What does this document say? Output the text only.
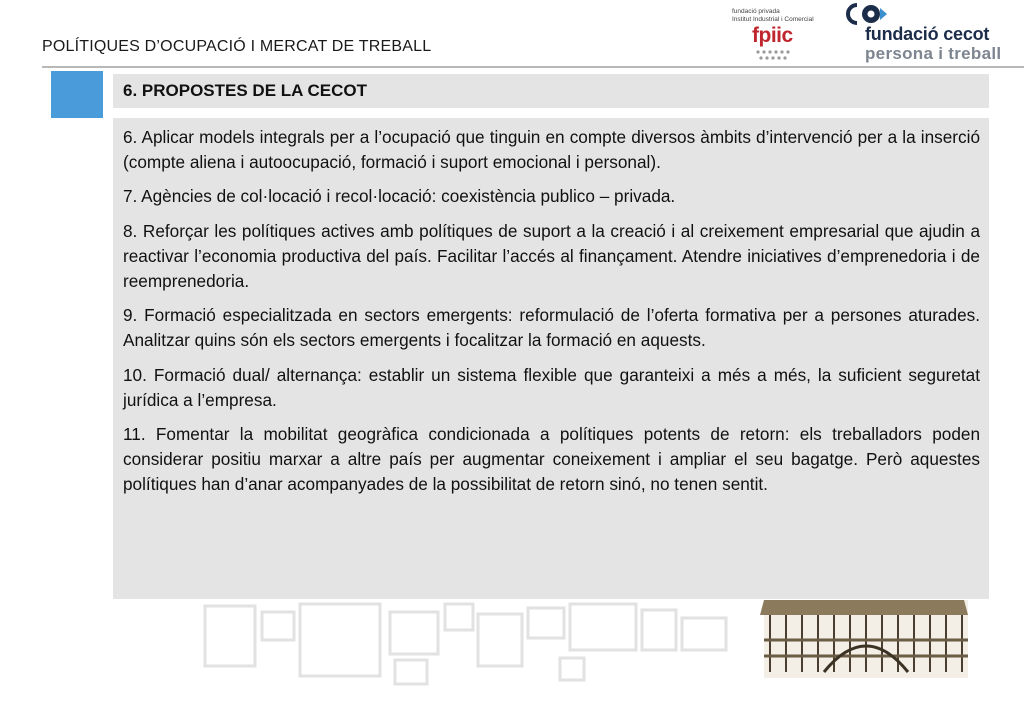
POLÍTIQUES D’OCUPACIÓ I MERCAT DE TREBALL
fundació privada
Institut Industrial i Comercial
fpiic	fundació cecot
persona i treball
6. PROPOSTES DE LA CECOT

6. Aplicar models integrals per a l’ocupació que tinguin en compte diversos àmbits d’intervenció per a la inserció (compte aliena i autoocupació, formació i suport emocional i personal).

7. Agències de col·locació i recol·locació: coexistència publico – privada.

8. Reforçar les polítiques actives amb polítiques de suport a la creació i al creixement empresarial que ajudin a reactivar l’economia productiva del país. Facilitar l’accés al finançament. Atendre iniciatives d’emprenedoria i de reemprenedoria.

9. Formació especialitzada en sectors emergents: reformulació de l’oferta formativa per a persones aturades. Analitzar quins són els sectors emergents i focalitzar la formació en aquests.

10. Formació dual/ alternança: establir un sistema flexible que garanteixi a més a més, la suficient seguretat jurídica a l’empresa.

11. Fomentar la mobilitat geogràfica condicionada a polítiques potents de retorn: els treballadors poden considerar positiu marxar a altre país per augmentar coneixement i ampliar el seu bagatge. Però aquestes polítiques han d’anar acompanyades de la possibilitat de retorn sinó, no tenen sentit.
